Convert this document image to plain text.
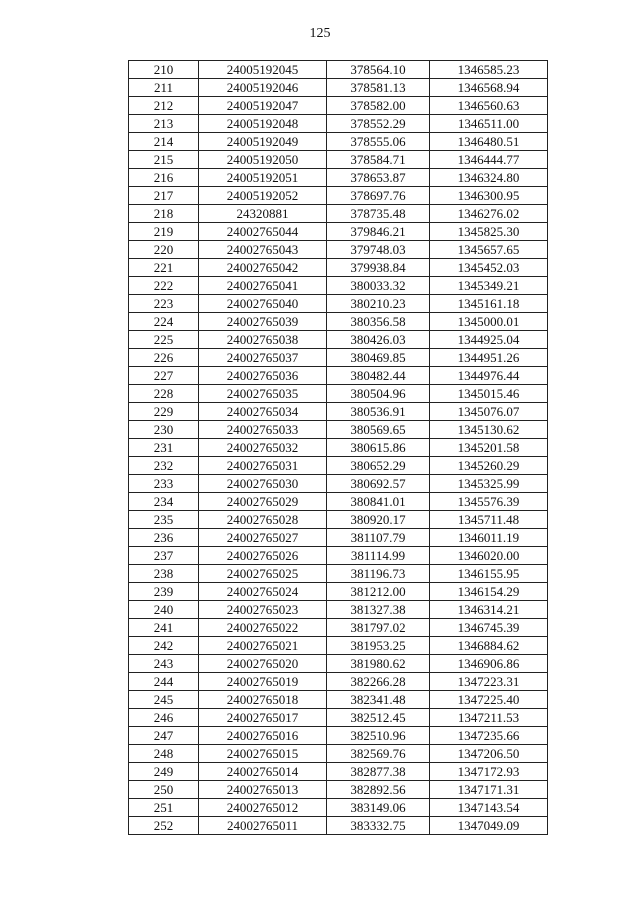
125
210	24005192045	378564.10	1346585.23
211	24005192046	378581.13	1346568.94
212	24005192047	378582.00	1346560.63
213	24005192048	378552.29	1346511.00
214	24005192049	378555.06	1346480.51
215	24005192050	378584.71	1346444.77
216	24005192051	378653.87	1346324.80
217	24005192052	378697.76	1346300.95
218	24320881	378735.48	1346276.02
219	24002765044	379846.21	1345825.30
220	24002765043	379748.03	1345657.65
221	24002765042	379938.84	1345452.03
222	24002765041	380033.32	1345349.21
223	24002765040	380210.23	1345161.18
224	24002765039	380356.58	1345000.01
225	24002765038	380426.03	1344925.04
226	24002765037	380469.85	1344951.26
227	24002765036	380482.44	1344976.44
228	24002765035	380504.96	1345015.46
229	24002765034	380536.91	1345076.07
230	24002765033	380569.65	1345130.62
231	24002765032	380615.86	1345201.58
232	24002765031	380652.29	1345260.29
233	24002765030	380692.57	1345325.99
234	24002765029	380841.01	1345576.39
235	24002765028	380920.17	1345711.48
236	24002765027	381107.79	1346011.19
237	24002765026	381114.99	1346020.00
238	24002765025	381196.73	1346155.95
239	24002765024	381212.00	1346154.29
240	24002765023	381327.38	1346314.21
241	24002765022	381797.02	1346745.39
242	24002765021	381953.25	1346884.62
243	24002765020	381980.62	1346906.86
244	24002765019	382266.28	1347223.31
245	24002765018	382341.48	1347225.40
246	24002765017	382512.45	1347211.53
247	24002765016	382510.96	1347235.66
248	24002765015	382569.76	1347206.50
249	24002765014	382877.38	1347172.93
250	24002765013	382892.56	1347171.31
251	24002765012	383149.06	1347143.54
252	24002765011	383332.75	1347049.09
